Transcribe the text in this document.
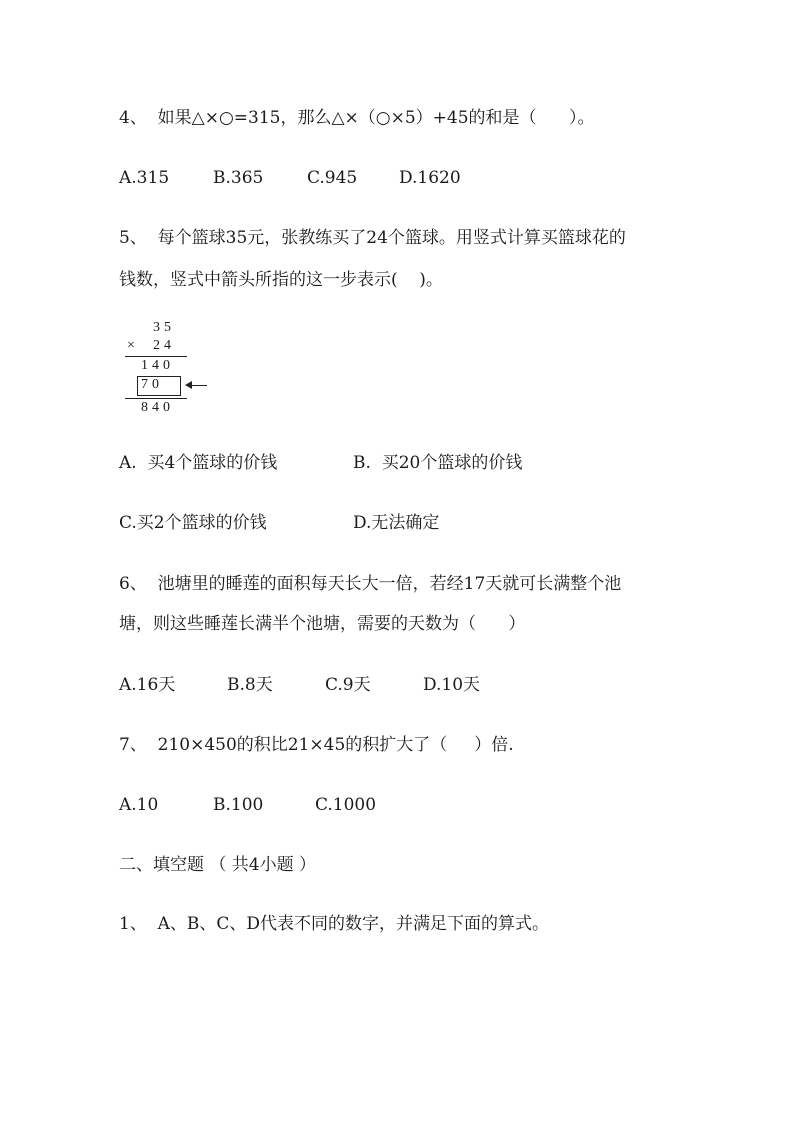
4、  如果△×○=315，那么△×（○×5）+45的和是（      ）。
A.315	B.365	C.945 D.1620
5、  每个篮球35元，张教练买了24个篮球。用竖式计算买篮球花的
钱数，竖式中箭头所指的这一步表示(    )。
35
× 24
140
70
840
A.  买4个篮球的价钱	B.  买20个篮球的价钱
C.买2个篮球的价钱	D.无法确定
6、  池塘里的睡莲的面积每天长大一倍，若经17天就可长满整个池
塘，则这些睡莲长满半个池塘，需要的天数为（      ）
A.16天	B.8天	C.9天	D.10天
7、  210×450的积比21×45的积扩大了（     ）倍.
A.10	B.100	C.1000
二、填空题 （ 共4小题 ）
1、  A、B、C、D代表不同的数字，并满足下面的算式。
